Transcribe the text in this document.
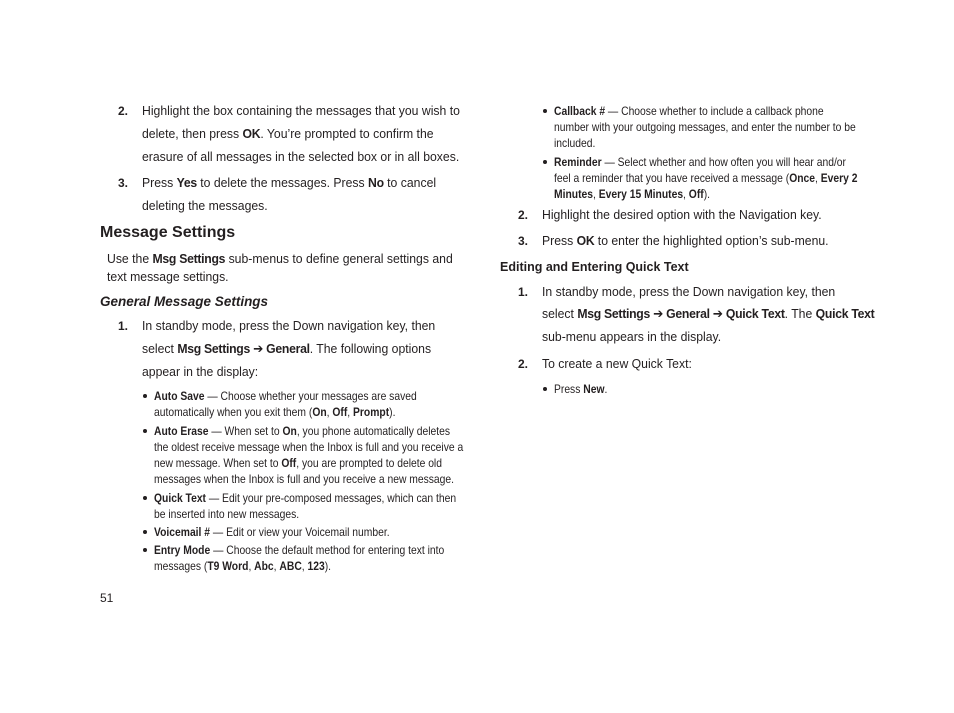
2. Highlight the box containing the messages that you wish to
delete, then press OK. You’re prompted to confirm the
erasure of all messages in the selected box or in all boxes.
3. Press Yes to delete the messages. Press No to cancel
deleting the messages.
Message Settings
Use the Msg Settings sub-menus to define general settings and
text message settings.
General Message Settings
1. In standby mode, press the Down navigation key, then
select Msg Settings ➔ General. The following options
appear in the display:
Auto Save — Choose whether your messages are saved
automatically when you exit them (On, Off, Prompt).
Auto Erase — When set to On, you phone automatically deletes
the oldest receive message when the Inbox is full and you receive a
new message. When set to Off, you are prompted to delete old
messages when the Inbox is full and you receive a new message.
Quick Text — Edit your pre-composed messages, which can then
be inserted into new messages.
Voicemail # — Edit or view your Voicemail number.
Entry Mode — Choose the default method for entering text into
messages (T9 Word, Abc, ABC, 123).
Callback # — Choose whether to include a callback phone
number with your outgoing messages, and enter the number to be
included.
Reminder — Select whether and how often you will hear and/or
feel a reminder that you have received a message (Once, Every 2
Minutes, Every 15 Minutes, Off).
2. Highlight the desired option with the Navigation key.
3. Press OK to enter the highlighted option’s sub-menu.
Editing and Entering Quick Text
1. In standby mode, press the Down navigation key, then
select Msg Settings ➔ General ➔ Quick Text. The Quick Text
sub-menu appears in the display.
2. To create a new Quick Text:
Press New.
51
